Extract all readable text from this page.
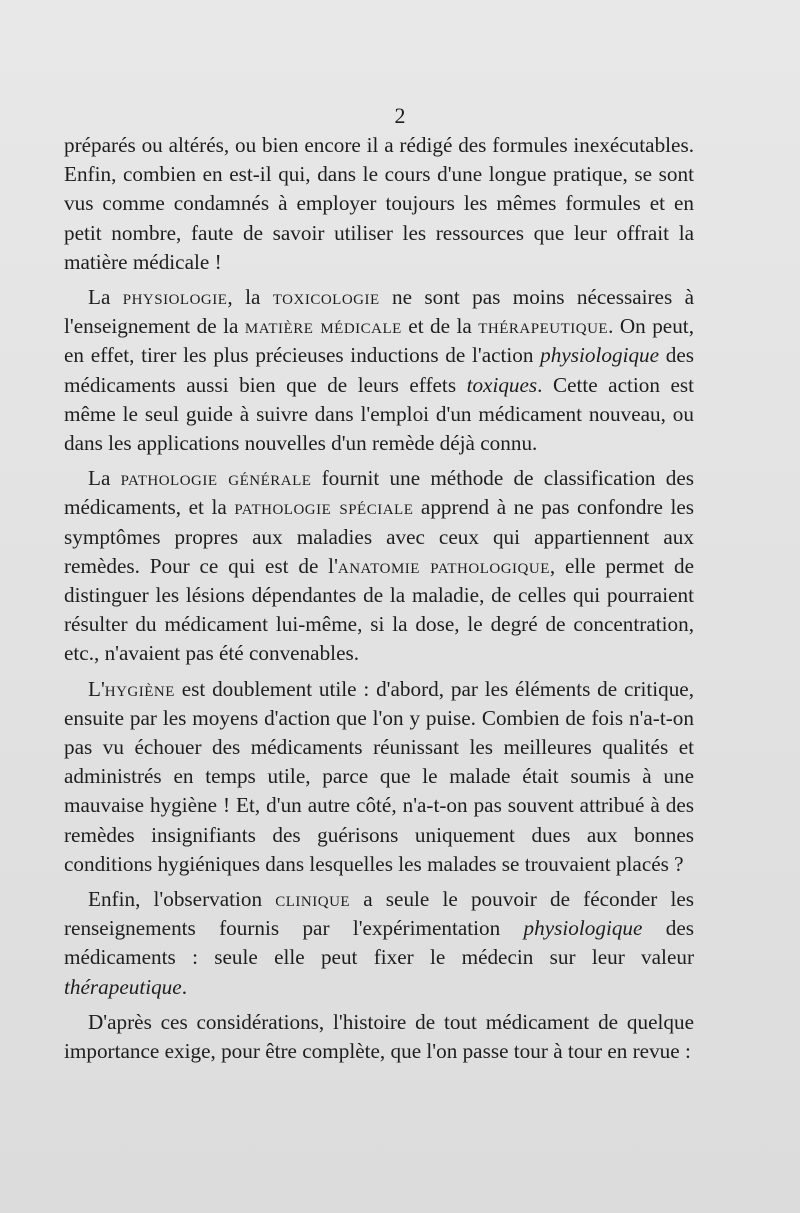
2

préparés ou altérés, ou bien encore il a rédigé des formules inexécutables. Enfin, combien en est-il qui, dans le cours d'une longue pratique, se sont vus comme condamnés à employer toujours les mêmes formules et en petit nombre, faute de savoir utiliser les ressources que leur offrait la matière médicale !

La physiologie, la toxicologie ne sont pas moins nécessaires à l'enseignement de la matière médicale et de la thérapeutique. On peut, en effet, tirer les plus précieuses inductions de l'action physiologique des médicaments aussi bien que de leurs effets toxiques. Cette action est même le seul guide à suivre dans l'emploi d'un médicament nouveau, ou dans les applications nouvelles d'un remède déjà connu.

La pathologie générale fournit une méthode de classification des médicaments, et la pathologie spéciale apprend à ne pas confondre les symptômes propres aux maladies avec ceux qui appartiennent aux remèdes. Pour ce qui est de l'anatomie pathologique, elle permet de distinguer les lésions dépendantes de la maladie, de celles qui pourraient résulter du médicament lui-même, si la dose, le degré de concentration, etc., n'avaient pas été convenables.

L'hygiène est doublement utile : d'abord, par les éléments de critique, ensuite par les moyens d'action que l'on y puise. Combien de fois n'a-t-on pas vu échouer des médicaments réunissant les meilleures qualités et administrés en temps utile, parce que le malade était soumis à une mauvaise hygiène ! Et, d'un autre côté, n'a-t-on pas souvent attribué à des remèdes insignifiants des guérisons uniquement dues aux bonnes conditions hygiéniques dans lesquelles les malades se trouvaient placés ?

Enfin, l'observation clinique a seule le pouvoir de féconder les renseignements fournis par l'expérimentation physiologique des médicaments : seule elle peut fixer le médecin sur leur valeur thérapeutique.

D'après ces considérations, l'histoire de tout médicament de quelque importance exige, pour être complète, que l'on passe tour à tour en revue :
